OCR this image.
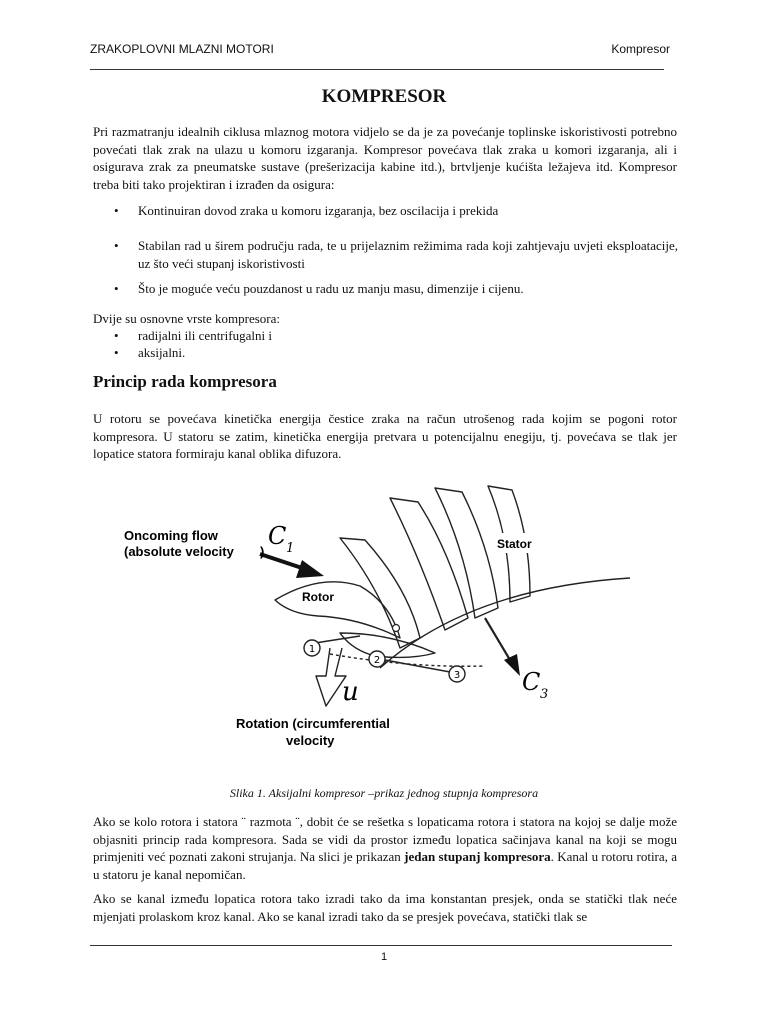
ZRAKOPLOVNI MLAZNI MOTORI	Kompresor
KOMPRESOR

Pri razmatranju idealnih ciklusa mlaznog motora vidjelo se da je za povećanje toplinske iskoristivosti potrebno povećati tlak zrak na ulazu u komoru izgaranja. Kompresor povećava tlak zraka u komori izgaranja, ali i osigurava zrak za pneumatske sustave (prešerizacija kabine itd.), brtvljenje kućišta ležajeva itd. Kompresor treba biti tako projektiran i izrađen da osigura:

• Kontinuiran dovod zraka u komoru izgaranja, bez oscilacija i prekida
• Stabilan rad u širem području rada, te u prijelaznim režimima rada koji zahtjevaju uvjeti eksploatacije, uz što veći stupanj iskoristivosti
• Što je moguće veću pouzdanost u radu uz manju masu, dimenzije i cijenu.
Dvije su osnovne vrste kompresora:
• radijalni ili centrifugalni i
• aksijalni.
Princip rada kompresora

U rotoru se povećava kinetička energija čestice zraka na račun utrošenog rada kojim se pogoni rotor kompresora. U statoru se zatim, kinetička energija pretvara u potencijalnu enegiju, tj. povećava se tlak jer lopatice statora formiraju kanal oblika difuzora.

Oncoming flow
(absolute velocity )
C 1
Rotor
Stator
u	C 3
1
2
3
Rotation (circumferential
velocity
Slika 1. Aksijalni kompresor –prikaz jednog stupnja kompresora

Ako se kolo rotora i statora ¨ razmota ¨, dobit će se rešetka s lopaticama rotora i statora na kojoj se dalje može objasniti princip rada kompresora. Sada se vidi da prostor između lopatica sačinjava kanal na koji se mogu primjeniti već poznati zakoni strujanja. Na slici je prikazan jedan stupanj kompresora. Kanal u rotoru rotira, a u statoru je kanal nepomičan.

Ako se kanal između lopatica rotora tako izradi tako da ima konstantan presjek, onda se statički tlak neće mjenjati prolaskom kroz kanal. Ako se kanal izradi tako da se presjek povećava, statički tlak se

1
